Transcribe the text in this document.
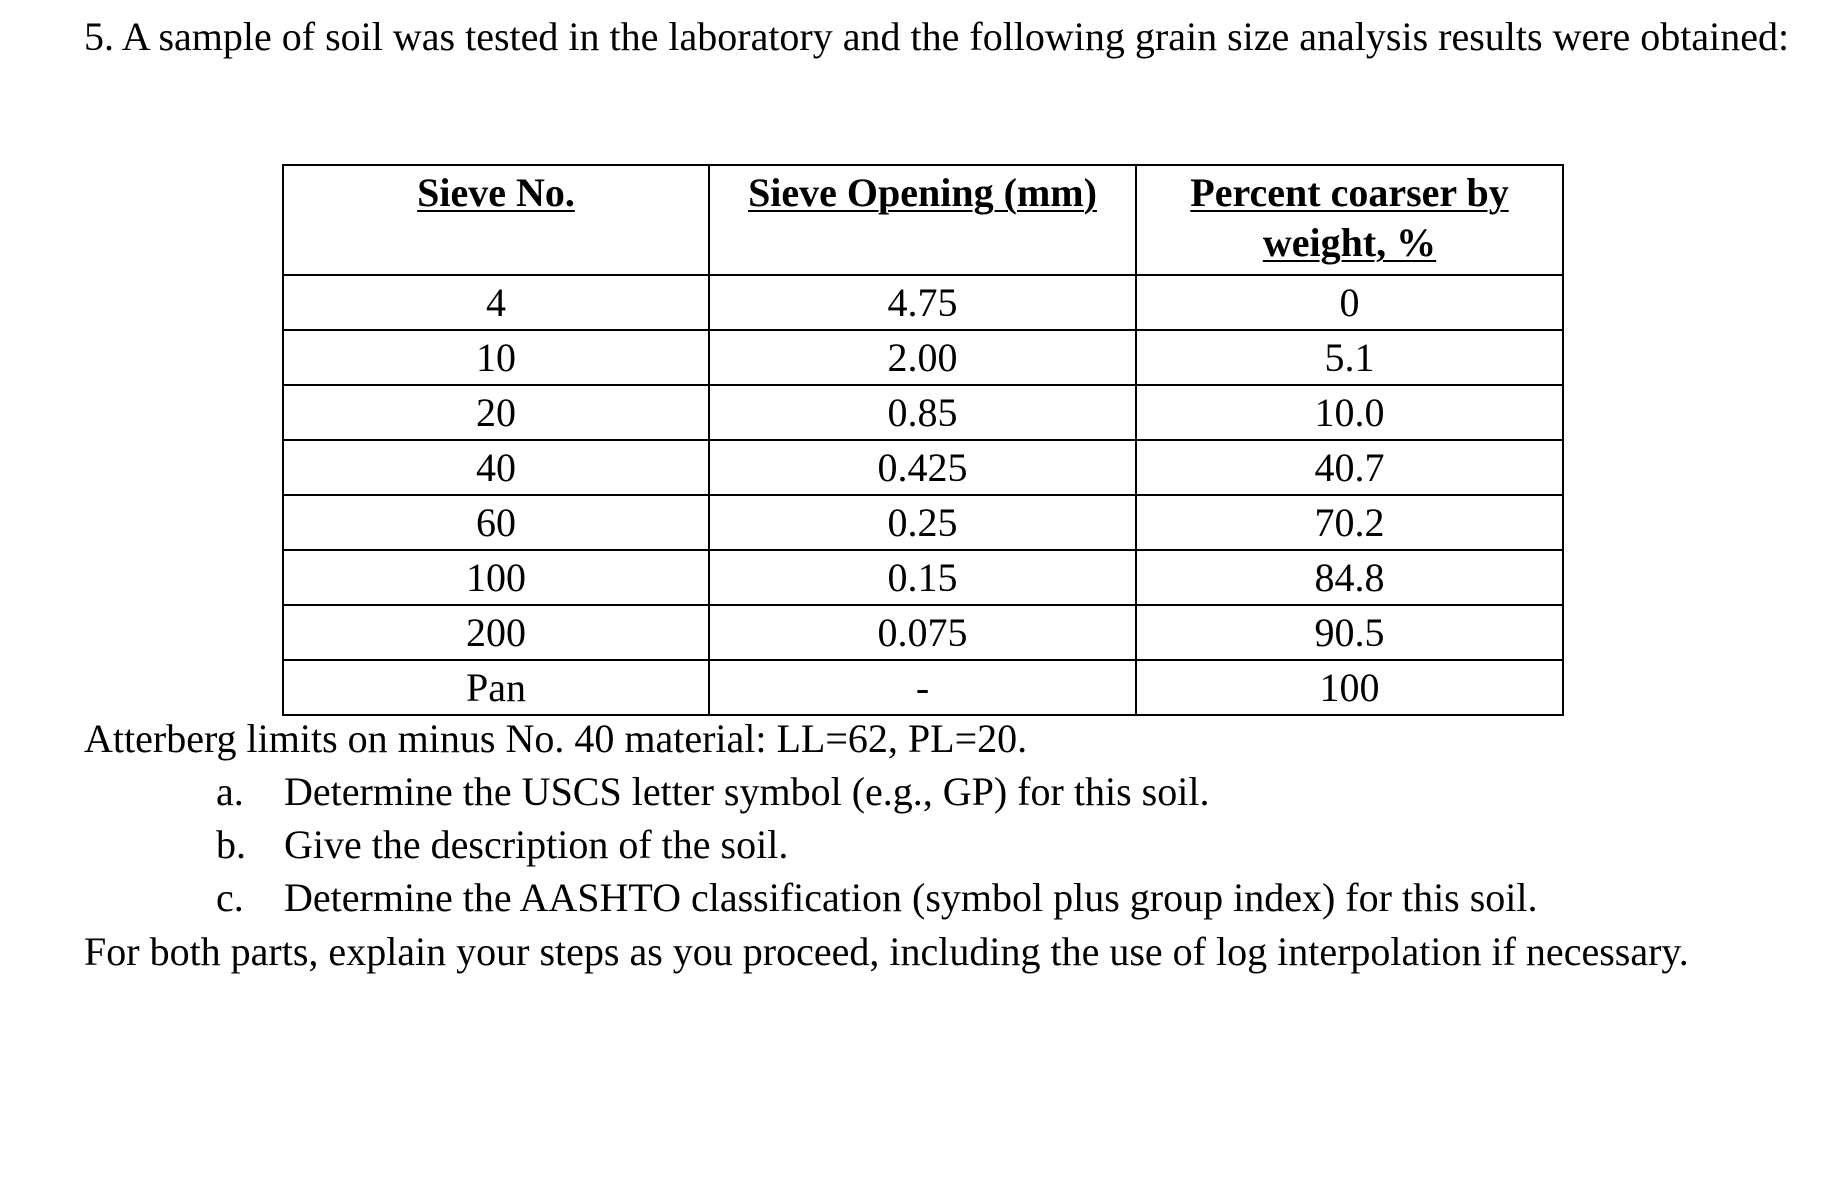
5. A sample of soil was tested in the laboratory and the following grain size analysis results were obtained:

Sieve No.	Sieve Opening (mm)	Percent coarser by weight, %
4	4.75	0
10	2.00	5.1
20	0.85	10.0
40	0.425	40.7
60	0.25	70.2
100	0.15	84.8
200	0.075	90.5
Pan	-	100
Atterberg limits on minus No. 40 material: LL=62, PL=20.
a. Determine the USCS letter symbol (e.g., GP) for this soil.
b. Give the description of the soil.
c. Determine the AASHTO classification (symbol plus group index) for this soil.

For both parts, explain your steps as you proceed, including the use of log interpolation if necessary.
